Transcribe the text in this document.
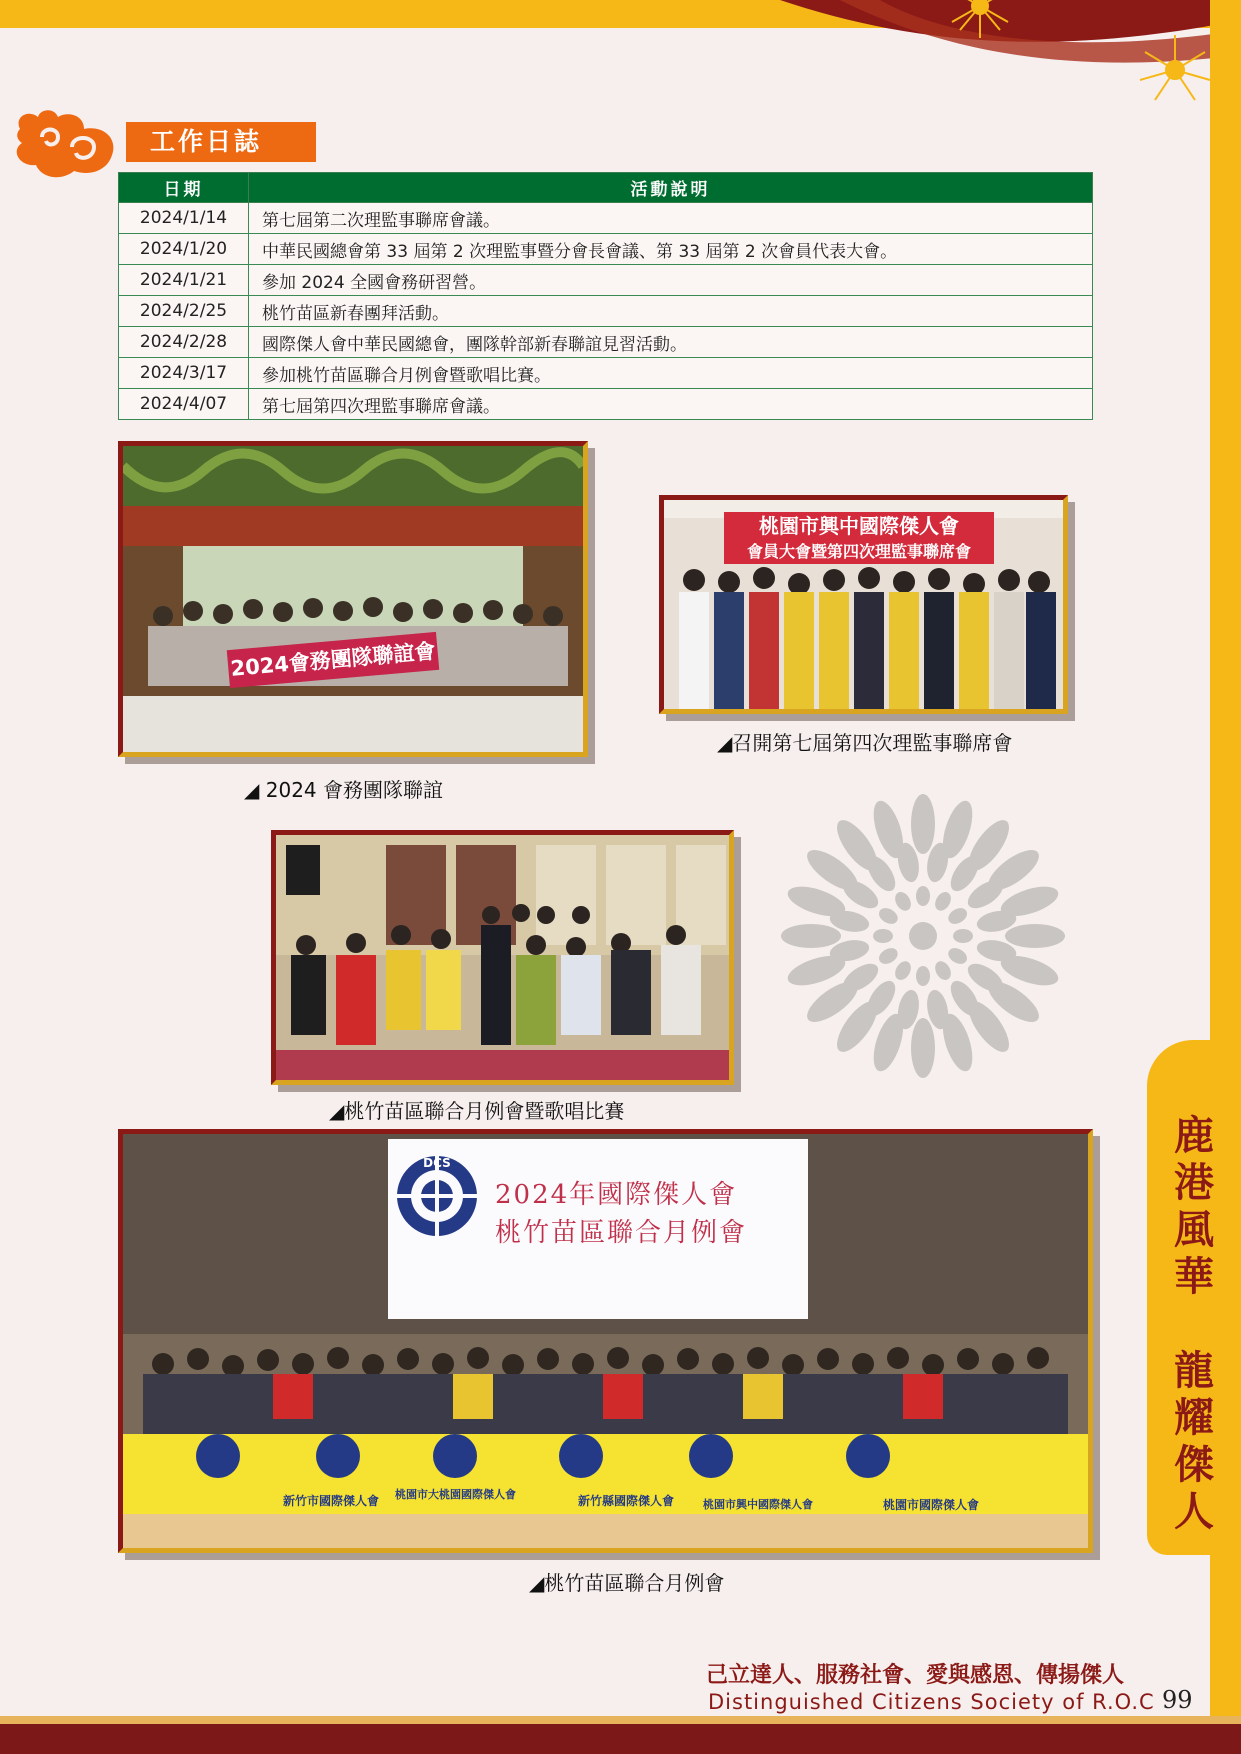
工作日誌
日期	活動說明
2024/1/14	第七屆第二次理監事聯席會議。
2024/1/20	中華民國總會第 33 屆第 2 次理監事暨分會長會議、第 33 屆第 2 次會員代表大會。
2024/1/21	參加 2024 全國會務研習營。
2024/2/25	桃竹苗區新春團拜活動。
2024/2/28	國際傑人會中華民國總會，團隊幹部新春聯誼見習活動。
2024/3/17	參加桃竹苗區聯合月例會暨歌唱比賽。
2024/4/07	第七屆第四次理監事聯席會議。
2024會務團隊聯誼會
◢ 2024 會務團隊聯誼
桃園市興中國際傑人會
會員大會暨第四次理監事聯席會
◢召開第七屆第四次理監事聯席會
◢桃竹苗區聯合月例會暨歌唱比賽
DCS
2024年國際傑人會
桃竹苗區聯合月例會
新竹市國際傑人會 桃園市大桃園國際傑人會	新竹縣國際傑人會	桃園市興中國際傑人會	桃園市國際傑人會
◢桃竹苗區聯合月例會
鹿
港
風
華

龍
耀
傑
人
己立達人、服務社會、愛與感恩、傳揚傑人
Distinguished Citizens Society of R.O.C 99
